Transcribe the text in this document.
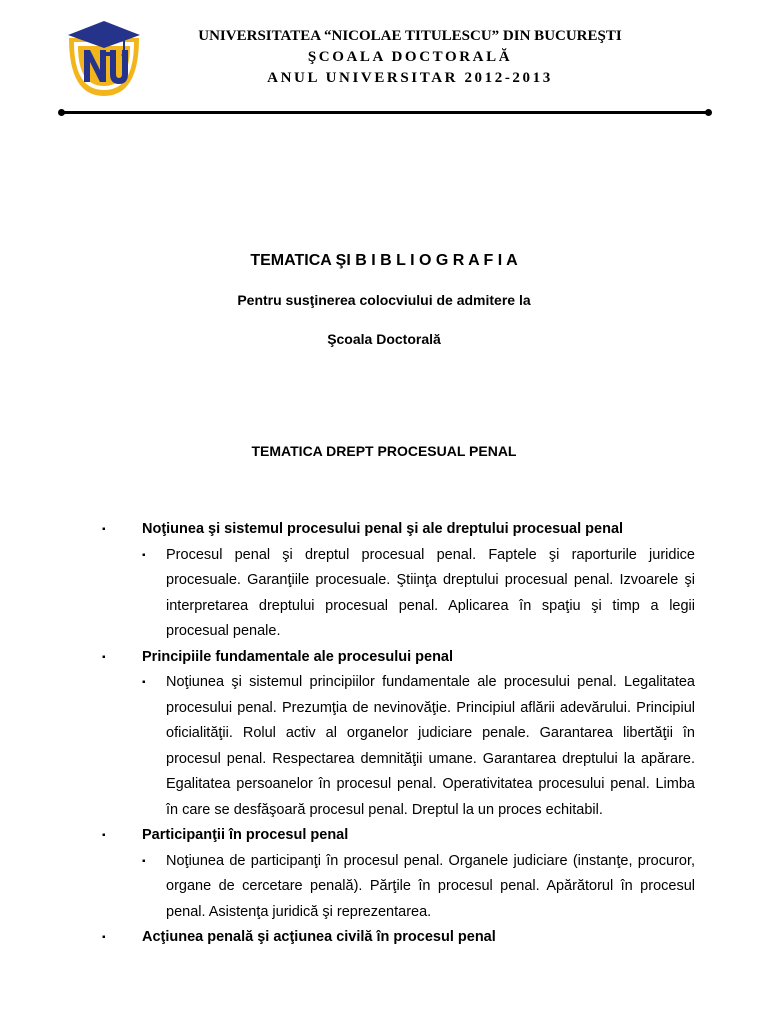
UNIVERSITATEA “NICOLAE TITULESCU” DIN BUCUREŞTI
ŞCOALA DOCTORALĂ
ANUL UNIVERSITAR 2012-2013
TEMATICA ŞI B I B L I O G R A F I A
Pentru susţinerea colocviului de admitere la
Şcoala Doctorală
TEMATICA DREPT PROCESUAL PENAL
▪	Noţiunea şi sistemul procesului penal şi ale dreptului procesual penal
▪ Procesul penal şi dreptul procesual penal. Faptele şi raporturile juridice procesuale. Garanţiile procesuale. Ştiinţa dreptului procesual penal. Izvoarele şi interpretarea dreptului procesual penal. Aplicarea în spaţiu şi timp a legii procesual penale.
▪	Principiile fundamentale ale procesului penal
▪ Noţiunea şi sistemul principiilor fundamentale ale procesului penal. Legalitatea procesului penal. Prezumţia de nevinovăţie. Principiul aflării adevărului. Principiul oficialităţii. Rolul activ al organelor judiciare penale. Garantarea libertăţii în procesul penal. Respectarea demnităţii umane. Garantarea dreptului la apărare. Egalitatea persoanelor în procesul penal. Operativitatea procesului penal. Limba în care se desfăşoară procesul penal. Dreptul la un proces echitabil.
▪	Participanţii în procesul penal
▪ Noţiunea de participanţi în procesul penal. Organele judiciare (instanţe, procuror, organe de cercetare penală). Părţile în procesul penal. Apărătorul în procesul penal. Asistenţa juridică şi reprezentarea.
▪	Acţiunea penală şi acţiunea civilă în procesul penal
